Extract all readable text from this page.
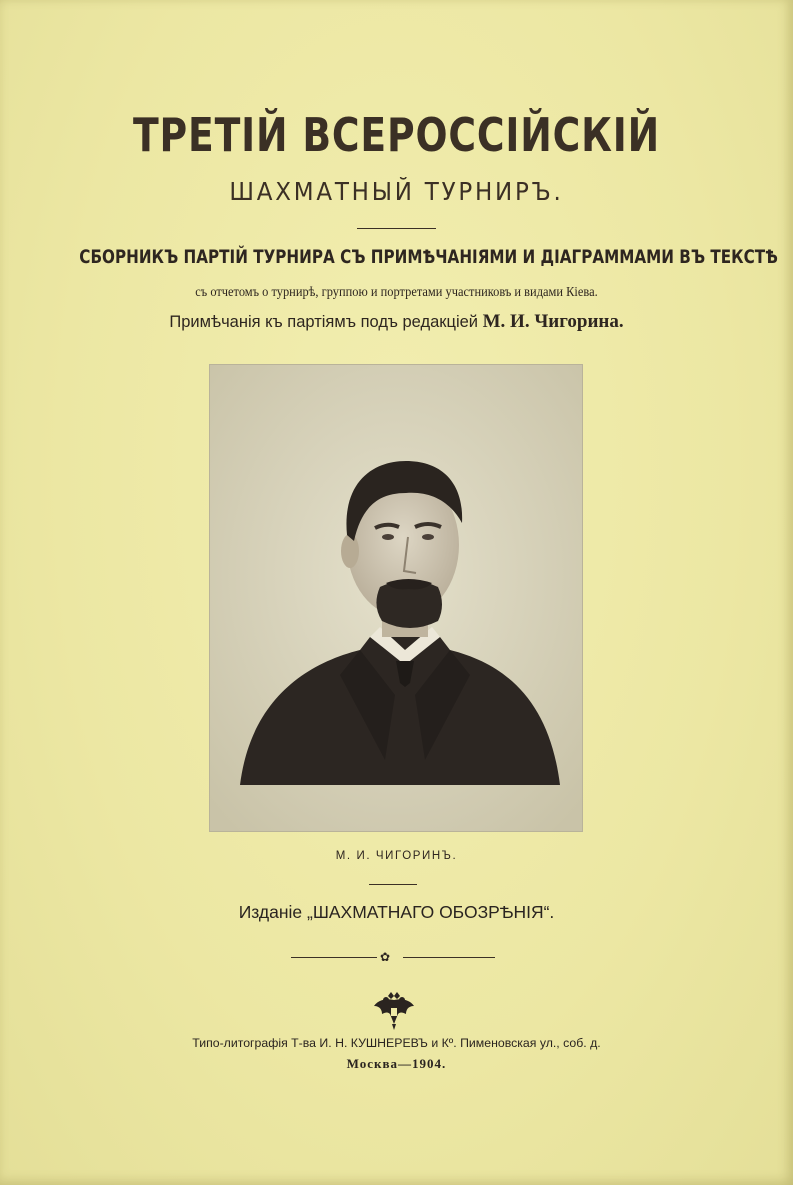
ТРЕТІЙ ВСЕРОССІЙСКІЙ
ШАХМАТНЫЙ ТУРНИРЪ.
СБОРНИКЪ ПАРТІЙ ТУРНИРА СЪ ПРИМѢЧАНІЯМИ И ДІАГРАММАМИ ВЪ ТЕКСТѢ
съ отчетомъ о турнирѣ, группою и портретами участниковъ и видами Кіева.
Примѣчанія къ партіямъ подъ редакціей М. И. Чигорина.
М. И. ЧИГОРИНЪ.
Изданіе „ШАХМАТНАГО ОБОЗРѢНІЯ“.
✿
Типо-литографія Т-ва И. Н. КУШНЕРЕВЪ и Кº. Пименовская ул., соб. д.
Москва—1904.
